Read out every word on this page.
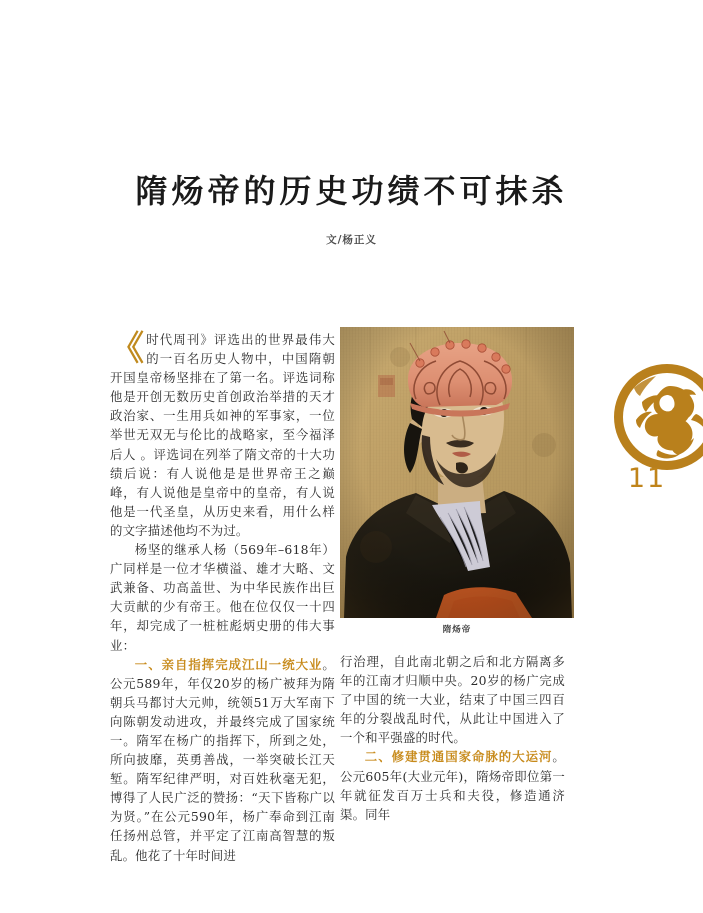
隋炀帝的历史功绩不可抹杀

文/杨正义

隋炀帝
11

《 时代周刊》评选出的世界最伟大的一百名历史人物中，中国隋朝开国皇帝杨坚排在了第一名。评选词称他是开创无数历史首创政治举措的天才政治家、一生用兵如神的军事家，一位举世无双无与伦比的战略家，至今福泽后人 。评选词在列举了隋文帝的十大功绩后说：有人说他是是世界帝王之巅峰，有人说他是皇帝中的皇帝，有人说他是一代圣皇，从历史来看，用什么样的文字描述他均不为过。

杨坚的继承人杨（569年–618年）广同样是一位才华横溢、雄才大略、文武兼备、功高盖世、为中华民族作出巨大贡献的少有帝王。他在位仅仅一十四年，却完成了一桩桩彪炳史册的伟大事业：

一、亲自指挥完成江山一统大业。公元589年，年仅20岁的杨广被拜为隋朝兵马都讨大元帅，统领51万大军南下向陈朝发动进攻，并最终完成了国家统一。隋军在杨广的指挥下，所到之处，所向披靡，英勇善战，一举突破长江天堑。隋军纪律严明，对百姓秋毫无犯，博得了人民广泛的赞扬：“天下皆称广以为贤。”在公元590年，杨广奉命到江南任扬州总管，并平定了江南高智慧的叛乱。他花了十年时间进

行治理，自此南北朝之后和北方隔离多年的江南才归顺中央。20岁的杨广完成了中国的统一大业，结束了中国三四百年的分裂战乱时代，从此让中国进入了一个和平强盛的时代。

二、修建贯通国家命脉的大运河。公元605年(大业元年)，隋炀帝即位第一年就征发百万士兵和夫役，修造通济渠。同年
